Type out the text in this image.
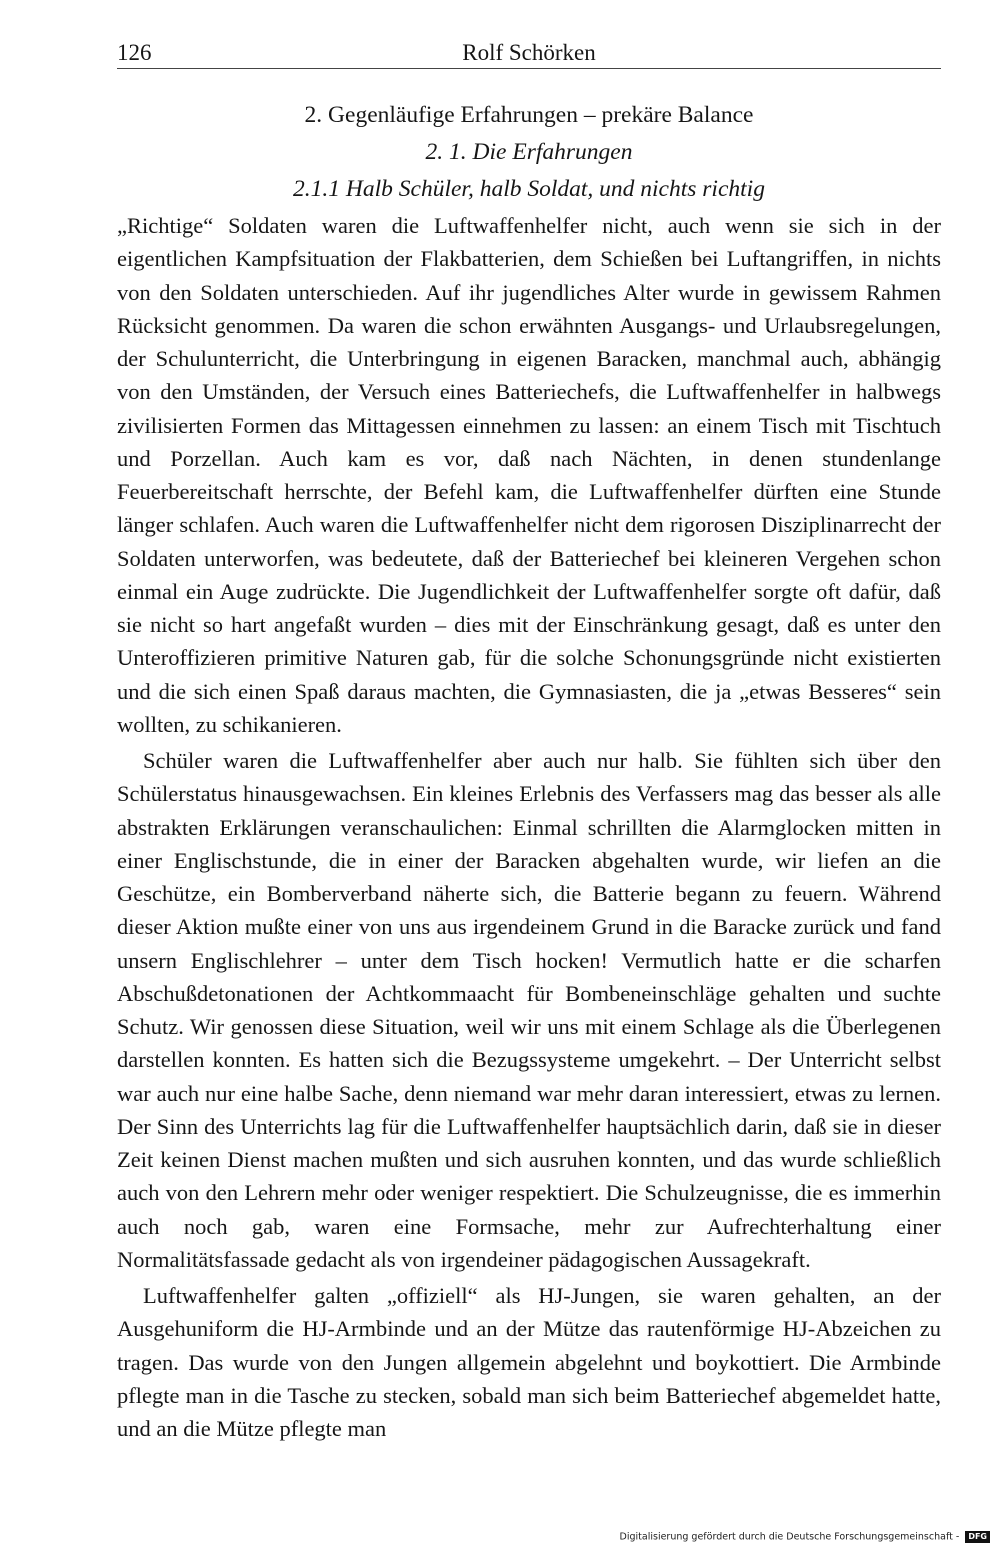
126	Rolf Schörken
2. Gegenläufige Erfahrungen – prekäre Balance
2. 1. Die Erfahrungen
2.1.1 Halb Schüler, halb Soldat, und nichts richtig

„Richtige“ Soldaten waren die Luftwaffenhelfer nicht, auch wenn sie sich in der eigentlichen Kampfsituation der Flakbatterien, dem Schießen bei Luftangriffen, in nichts von den Soldaten unterschieden. Auf ihr jugendliches Alter wurde in gewissem Rahmen Rücksicht genommen. Da waren die schon erwähnten Ausgangs- und Urlaubsregelungen, der Schulunterricht, die Unterbringung in eigenen Baracken, manchmal auch, abhängig von den Umständen, der Versuch eines Batteriechefs, die Luftwaffenhelfer in halbwegs zivilisierten Formen das Mittagessen einnehmen zu lassen: an einem Tisch mit Tischtuch und Porzellan. Auch kam es vor, daß nach Nächten, in denen stundenlange Feuerbereitschaft herrschte, der Befehl kam, die Luftwaffenhelfer dürften eine Stunde länger schlafen. Auch waren die Luftwaffenhelfer nicht dem rigorosen Disziplinarrecht der Soldaten unterworfen, was bedeutete, daß der Batteriechef bei kleineren Vergehen schon einmal ein Auge zudrückte. Die Jugendlichkeit der Luftwaffenhelfer sorgte oft dafür, daß sie nicht so hart angefaßt wurden – dies mit der Einschränkung gesagt, daß es unter den Unteroffizieren primitive Naturen gab, für die solche Schonungsgründe nicht existierten und die sich einen Spaß daraus machten, die Gymnasiasten, die ja „etwas Besseres“ sein wollten, zu schikanieren.

Schüler waren die Luftwaffenhelfer aber auch nur halb. Sie fühlten sich über den Schülerstatus hinausgewachsen. Ein kleines Erlebnis des Verfassers mag das besser als alle abstrakten Erklärungen veranschaulichen: Einmal schrillten die Alarmglocken mitten in einer Englischstunde, die in einer der Baracken abgehalten wurde, wir liefen an die Geschütze, ein Bomberverband näherte sich, die Batterie begann zu feuern. Während dieser Aktion mußte einer von uns aus irgendeinem Grund in die Baracke zurück und fand unsern Englischlehrer – unter dem Tisch hocken! Vermutlich hatte er die scharfen Abschußdetonationen der Achtkommaacht für Bombeneinschläge gehalten und suchte Schutz. Wir genossen diese Situation, weil wir uns mit einem Schlage als die Überlegenen darstellen konnten. Es hatten sich die Bezugssysteme umgekehrt. – Der Unterricht selbst war auch nur eine halbe Sache, denn niemand war mehr daran interessiert, etwas zu lernen. Der Sinn des Unterrichts lag für die Luftwaffenhelfer hauptsächlich darin, daß sie in dieser Zeit keinen Dienst machen mußten und sich ausruhen konnten, und das wurde schließlich auch von den Lehrern mehr oder weniger respektiert. Die Schulzeugnisse, die es immerhin auch noch gab, waren eine Formsache, mehr zur Aufrechterhaltung einer Normalitätsfassade gedacht als von irgendeiner pädagogischen Aussagekraft.

Luftwaffenhelfer galten „offiziell“ als HJ-Jungen, sie waren gehalten, an der Ausgehuniform die HJ-Armbinde und an der Mütze das rautenförmige HJ-Abzeichen zu tragen. Das wurde von den Jungen allgemein abgelehnt und boykottiert. Die Armbinde pflegte man in die Tasche zu stecken, sobald man sich beim Batteriechef abgemeldet hatte, und an die Mütze pflegte man

Digitalisierung gefördert durch die Deutsche Forschungsgemeinschaft - DFG
